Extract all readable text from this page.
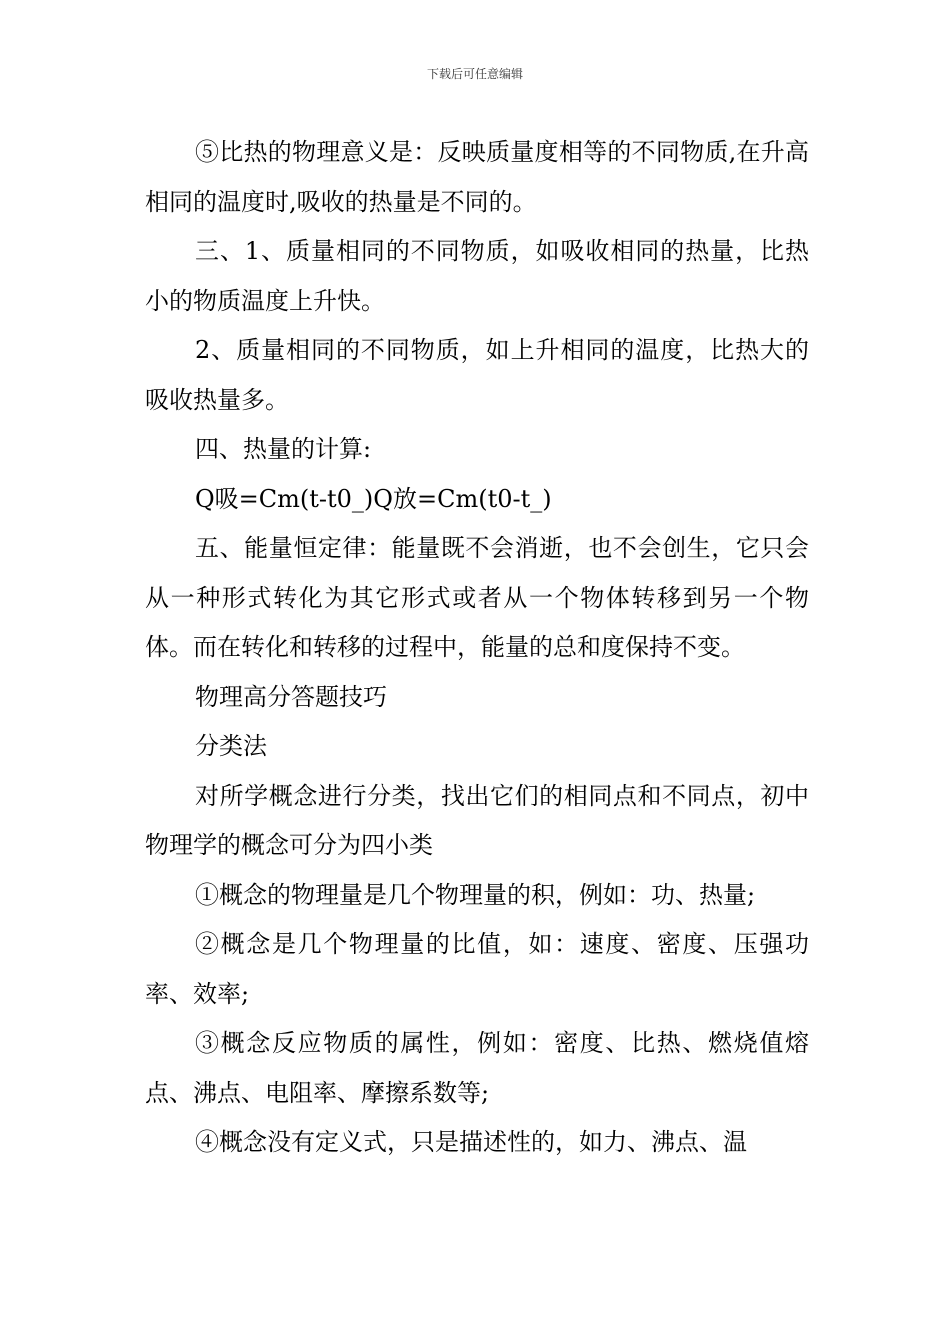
下载后可任意编辑

⑤比热的物理意义是：反映质量度相等的不同物质,在升高相同的温度时,吸收的热量是不同的。

三、1、质量相同的不同物质，如吸收相同的热量，比热小的物质温度上升快。

2、质量相同的不同物质，如上升相同的温度，比热大的吸收热量多。

四、热量的计算:

Q吸=Cm(t-t0_)Q放=Cm(t0-t_)

五、能量恒定律：能量既不会消逝，也不会创生，它只会从一种形式转化为其它形式或者从一个物体转移到另一个物体。而在转化和转移的过程中，能量的总和度保持不变。

物理高分答题技巧

分类法

对所学概念进行分类，找出它们的相同点和不同点，初中物理学的概念可分为四小类

①概念的物理量是几个物理量的积，例如：功、热量;

②概念是几个物理量的比值，如：速度、密度、压强功率、效率;

③概念反应物质的属性，例如：密度、比热、燃烧值熔点、沸点、电阻率、摩擦系数等;

④概念没有定义式，只是描述性的，如力、沸点、温
